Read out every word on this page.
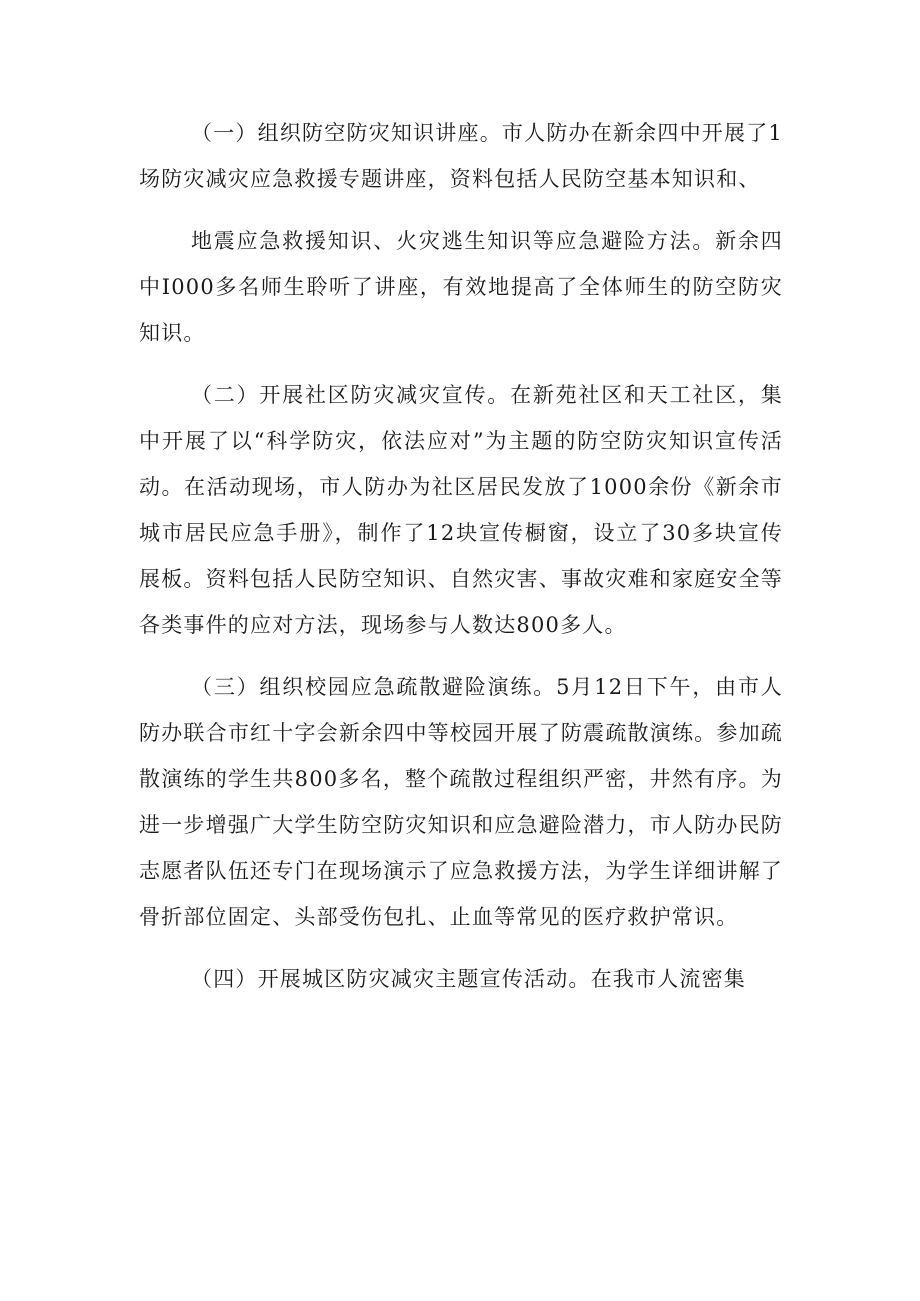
（一）组织防空防灾知识讲座。市人防办在新余四中开展了1场防灾减灾应急救援专题讲座，资料包括人民防空基本知识和、

地震应急救援知识、火灾逃生知识等应急避险方法。新余四中I000多名师生聆听了讲座，有效地提高了全体师生的防空防灾知识。

（二）开展社区防灾减灾宣传。在新苑社区和天工社区，集中开展了以“科学防灾，依法应对”为主题的防空防灾知识宣传活动。在活动现场，市人防办为社区居民发放了1000余份《新余市城市居民应急手册》，制作了12块宣传橱窗，设立了30多块宣传展板。资料包括人民防空知识、自然灾害、事故灾难和家庭安全等各类事件的应对方法，现场参与人数达800多人。

（三）组织校园应急疏散避险演练。5月12日下午，由市人防办联合市红十字会新余四中等校园开展了防震疏散演练。参加疏散演练的学生共800多名，整个疏散过程组织严密，井然有序。为进一步增强广大学生防空防灾知识和应急避险潜力，市人防办民防志愿者队伍还专门在现场演示了应急救援方法，为学生详细讲解了骨折部位固定、头部受伤包扎、止血等常见的医疗救护常识。

（四）开展城区防灾减灾主题宣传活动。在我市人流密集
